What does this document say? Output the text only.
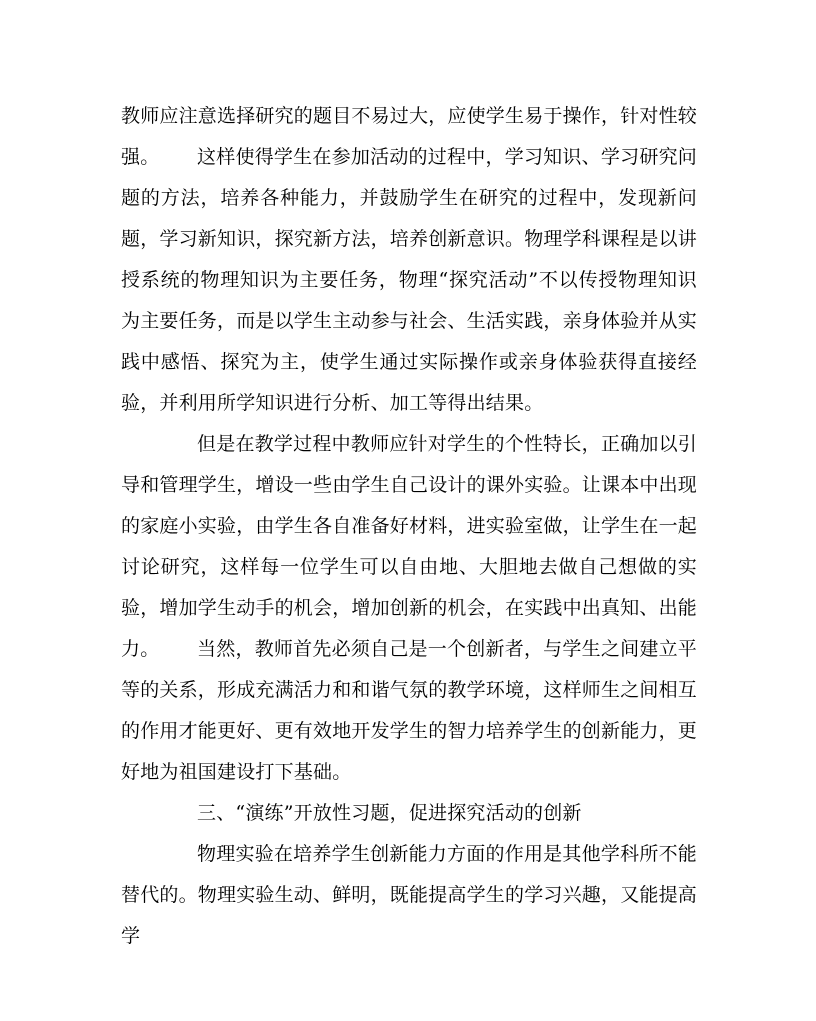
教师应注意选择研究的题目不易过大，应使学生易于操作，针对性较强。	这样使得学生在参加活动的过程中，学习知识、学习研究问题的方法，培养各种能力，并鼓励学生在研究的过程中，发现新问题，学习新知识，探究新方法，培养创新意识。物理学科课程是以讲授系统的物理知识为主要任务，物理“探究活动”不以传授物理知识为主要任务，而是以学生主动参与社会、生活实践，亲身体验并从实践中感悟、探究为主，使学生通过实际操作或亲身体验获得直接经验，并利用所学知识进行分析、加工等得出结果。

但是在教学过程中教师应针对学生的个性特长，正确加以引导和管理学生，增设一些由学生自己设计的课外实验。让课本中出现的家庭小实验，由学生各自准备好材料，进实验室做，让学生在一起讨论研究，这样每一位学生可以自由地、大胆地去做自己想做的实验，增加学生动手的机会，增加创新的机会，在实践中出真知、出能力。	当然，教师首先必须自己是一个创新者，与学生之间建立平等的关系，形成充满活力和和谐气氛的教学环境，这样师生之间相互的作用才能更好、更有效地开发学生的智力培养学生的创新能力，更好地为祖国建设打下基础。

三、“演练”开放性习题，促进探究活动的创新

物理实验在培养学生创新能力方面的作用是其他学科所不能替代的。物理实验生动、鲜明，既能提高学生的学习兴趣，又能提高学
